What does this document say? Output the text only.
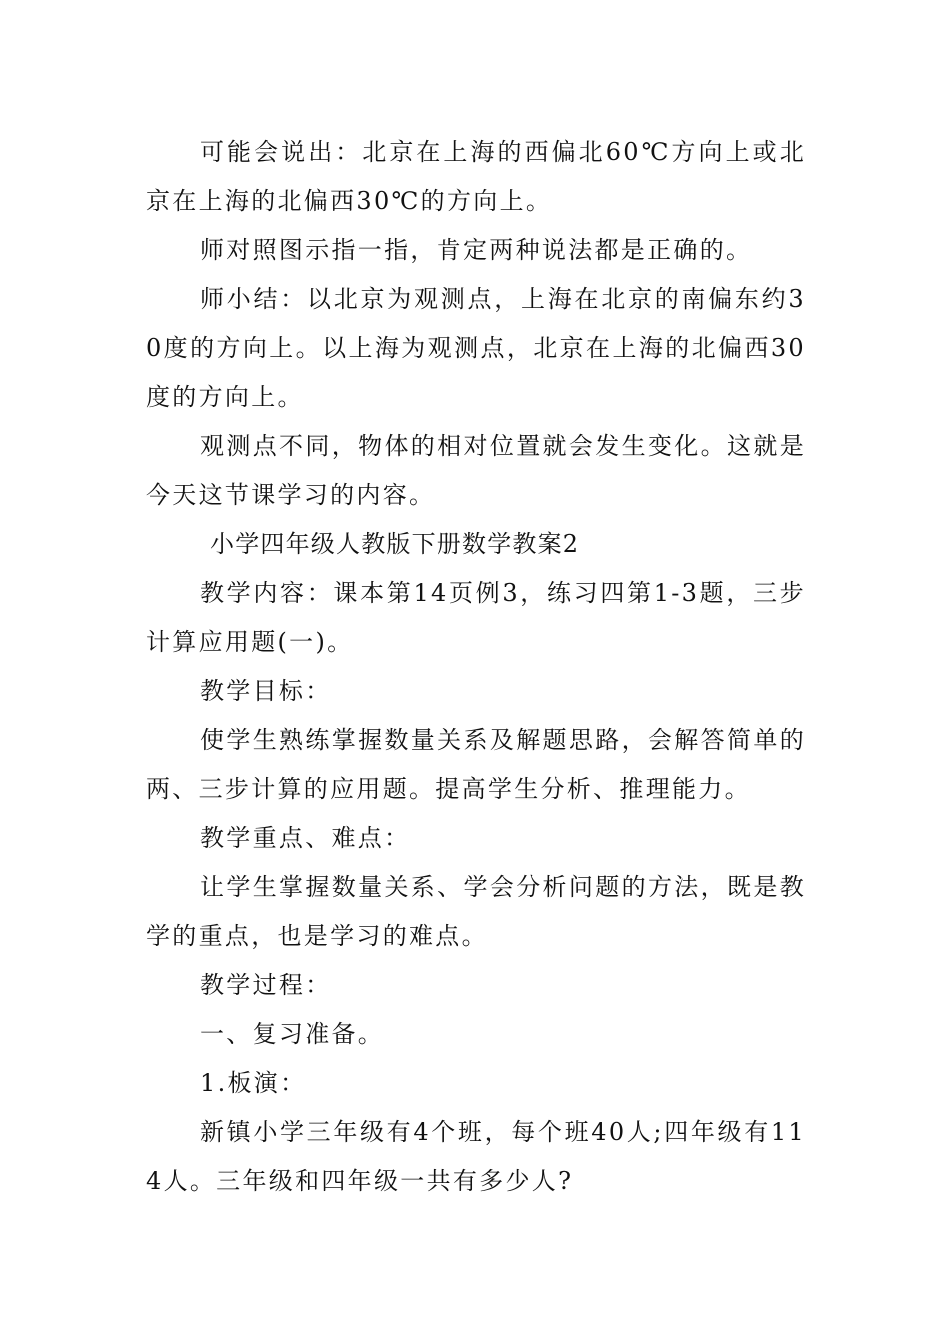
可能会说出：北京在上海的西偏北60℃方向上或北京在上海的北偏西30℃的方向上。

师对照图示指一指，肯定两种说法都是正确的。

师小结：以北京为观测点，上海在北京的南偏东约30度的方向上。以上海为观测点，北京在上海的北偏西30度的方向上。

观测点不同，物体的相对位置就会发生变化。这就是今天这节课学习的内容。

小学四年级人教版下册数学教案2

教学内容：课本第14页例3，练习四第1-3题，三步计算应用题(一)。

教学目标：

使学生熟练掌握数量关系及解题思路，会解答简单的两、三步计算的应用题。提高学生分析、推理能力。

教学重点、难点：

让学生掌握数量关系、学会分析问题的方法，既是教学的重点，也是学习的难点。

教学过程：

一、复习准备。

1.板演：

新镇小学三年级有4个班，每个班40人;四年级有114人。三年级和四年级一共有多少人?
